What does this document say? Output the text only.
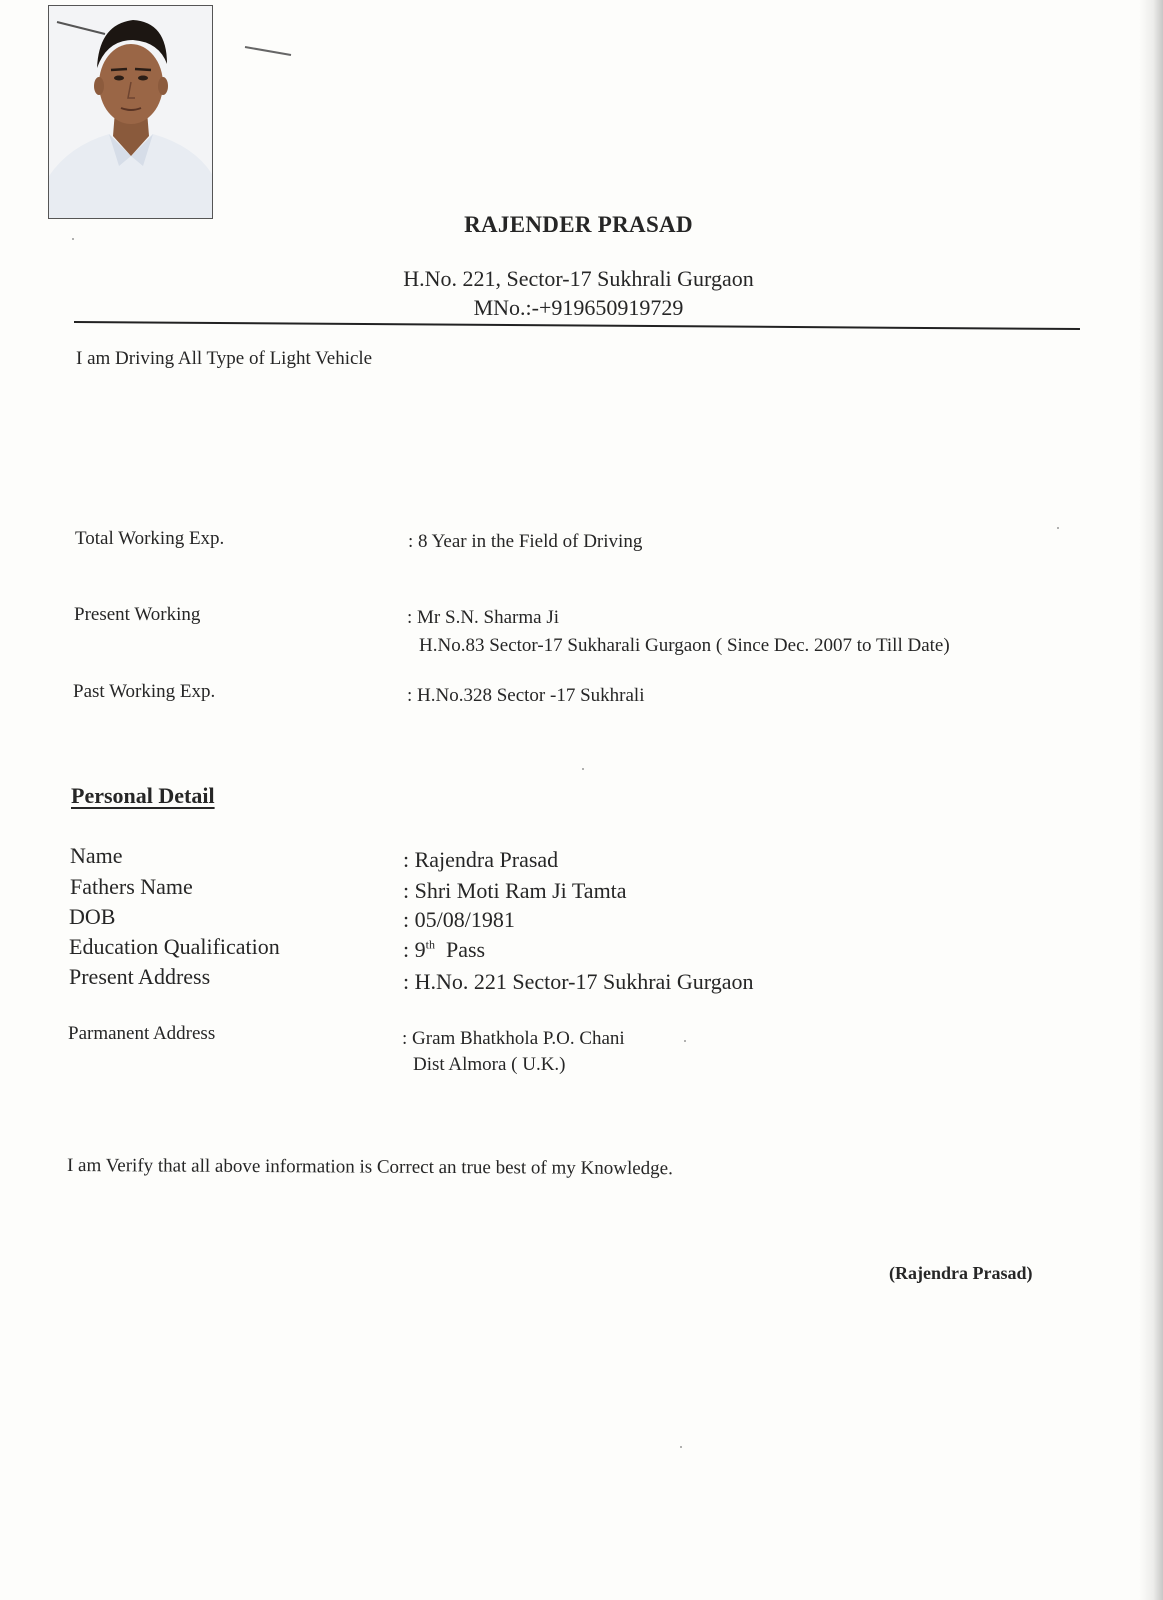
RAJENDER PRASAD
H.No. 221, Sector-17 Sukhrali Gurgaon
MNo.:-+919650919729
I am Driving All Type of Light Vehicle
Total Working Exp.	: 8 Year in the Field of Driving
Present Working	: Mr S.N. Sharma Ji
H.No.83 Sector-17 Sukharali Gurgaon ( Since Dec. 2007 to Till Date)
Past Working Exp.	: H.No.328 Sector -17 Sukhrali
Personal Detail
Name	: Rajendra Prasad
Fathers Name	: Shri Moti Ram Ji Tamta
DOB	: 05/08/1981
Education Qualification	: 9th Pass
Present Address	: H.No. 221 Sector-17 Sukhrai Gurgaon
Parmanent Address	: Gram Bhatkhola P.O. Chani
Dist Almora ( U.K.)
I am Verify that all above information is Correct an true best of my Knowledge.
(Rajendra Prasad)
